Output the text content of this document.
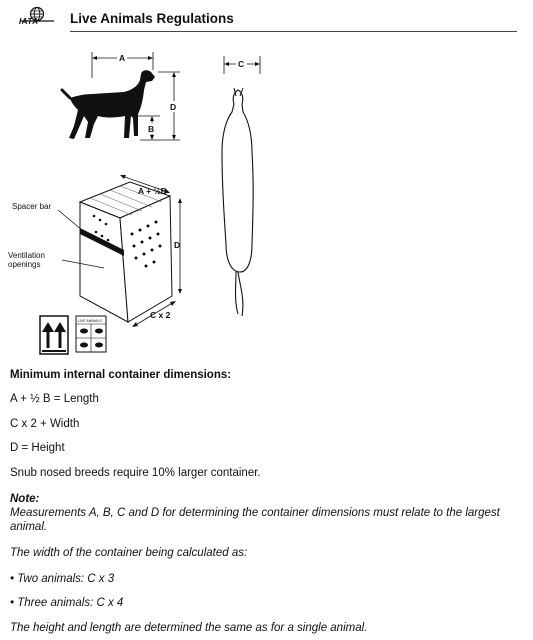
IATA Live Animals Regulations
A
D
B
C
A + ½B
D
C x 2
Spacer bar
Ventilation
openings
LIVE ANIMALS
Minimum internal container dimensions:
A + ½ B = Length
C x 2 + Width
D = Height
Snub nosed breeds require 10% larger container.
Note:
Measurements A, B, C and D for determining the container dimensions must relate to the largest animal.
The width of the container being calculated as:
• Two animals: C x 3
• Three animals: C x 4
The height and length are determined the same as for a single animal.
